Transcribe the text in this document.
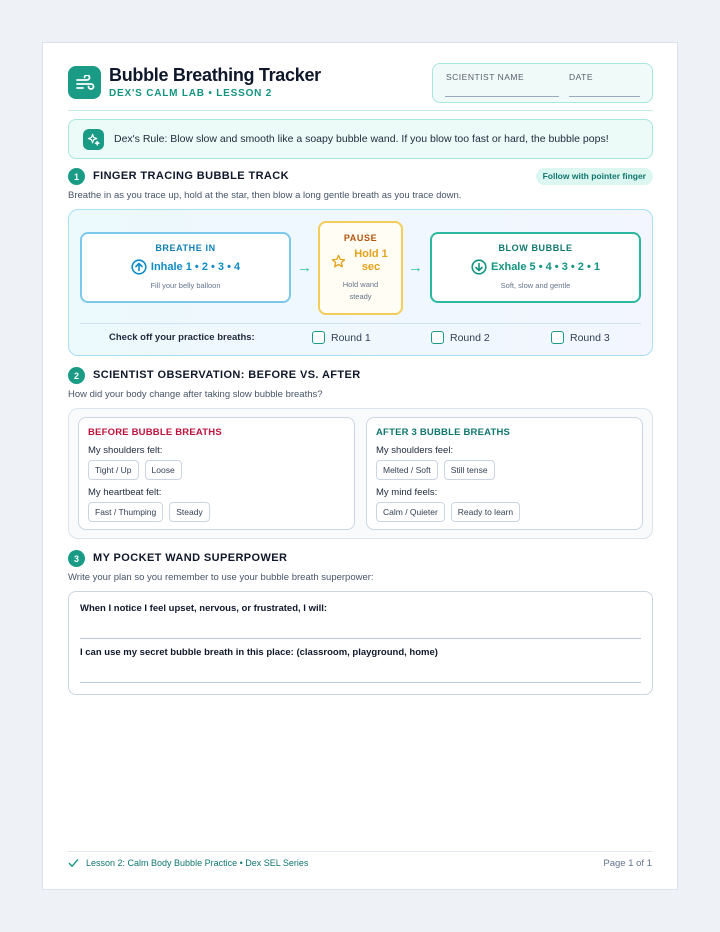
Bubble Breathing Tracker
DEX'S CALM LAB • LESSON 2
SCIENTIST NAME	DATE
Dex's Rule: Blow slow and smooth like a soapy bubble wand. If you blow too fast or hard, the bubble pops!
1	FINGER TRACING BUBBLE TRACK	Follow with pointer finger
Breathe in as you trace up, hold at the star, then blow a long gentle breath as you trace down.
BREATHE IN
Inhale 1 • 2 • 3 • 4
Fill your belly balloon
→
PAUSE
Hold 1 sec
Hold wand steady
→
BLOW BUBBLE
Exhale 5 • 4 • 3 • 2 • 1
Soft, slow and gentle
Check off your practice breaths:	Round 1	Round 2	Round 3
2	SCIENTIST OBSERVATION: BEFORE VS. AFTER
How did your body change after taking slow bubble breaths?
BEFORE BUBBLE BREATHS
My shoulders felt:
Tight / Up	Loose
My heartbeat felt:
Fast / Thumping	Steady
AFTER 3 BUBBLE BREATHS
My shoulders feel:
Melted / Soft	Still tense
My mind feels:
Calm / Quieter	Ready to learn
3	MY POCKET WAND SUPERPOWER
Write your plan so you remember to use your bubble breath superpower:
When I notice I feel upset, nervous, or frustrated, I will:
I can use my secret bubble breath in this place: (classroom, playground, home)
Lesson 2: Calm Body Bubble Practice • Dex SEL Series	Page 1 of 1
